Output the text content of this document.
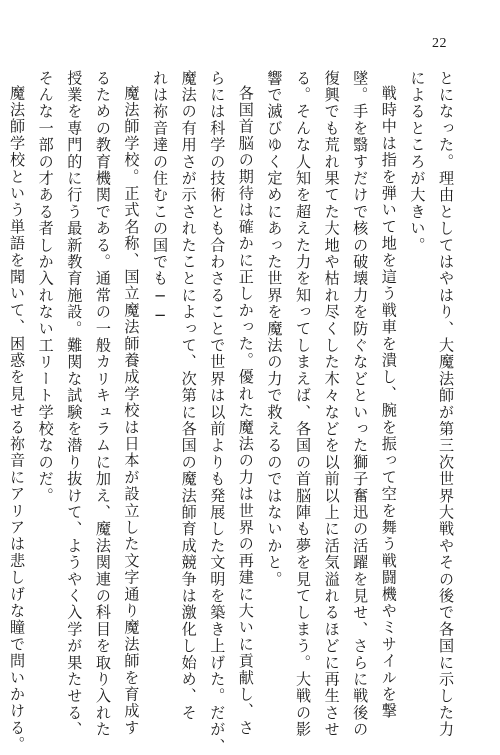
22
とになった。理由としてはやはり、大魔法師が第三次世界大戦やその後で各国に示した力
によるところが大きい。
戦時中は指を弾いて地を這う戦車を潰し、腕を振って空を舞う戦闘機やミサイルを撃
墜。手を翳すだけで核の破壊力を防ぐなどといった獅子奮迅の活躍を見せ、さらに戦後の
復興でも荒れ果てた大地や枯れ尽くした木々などを以前以上に活気溢れるほどに再生させ
る。そんな人知を超えた力を知ってしまえば、各国の首脳陣も夢を見てしまう。大戦の影
響で滅びゆく定めにあった世界を魔法の力で救えるのではないかと。
各国首脳の期待は確かに正しかった。優れた魔法の力は世界の再建に大いに貢献し、さ
らには科学の技術とも合わさることで世界は以前よりも発展した文明を築き上げた。だが、
魔法の有用さが示されたことによって、次第に各国の魔法師育成競争は激化し始め、そ
れは祢音達の住むこの国でも──
魔法師学校。正式名称、国立魔法師養成学校は日本が設立した文字通り魔法師を育成す
るための教育機関である。通常の一般カリキュラムに加え、魔法関連の科目を取り入れた
授業を専門的に行う最新教育施設。難関な試験を潜り抜けて、ようやく入学が果たせる、
そんな一部の才ある者しか入れない工リート学校なのだ。
魔法師学校という単語を聞いて、困惑を見せる祢音にアリアは悲しげな瞳で問いかける。
